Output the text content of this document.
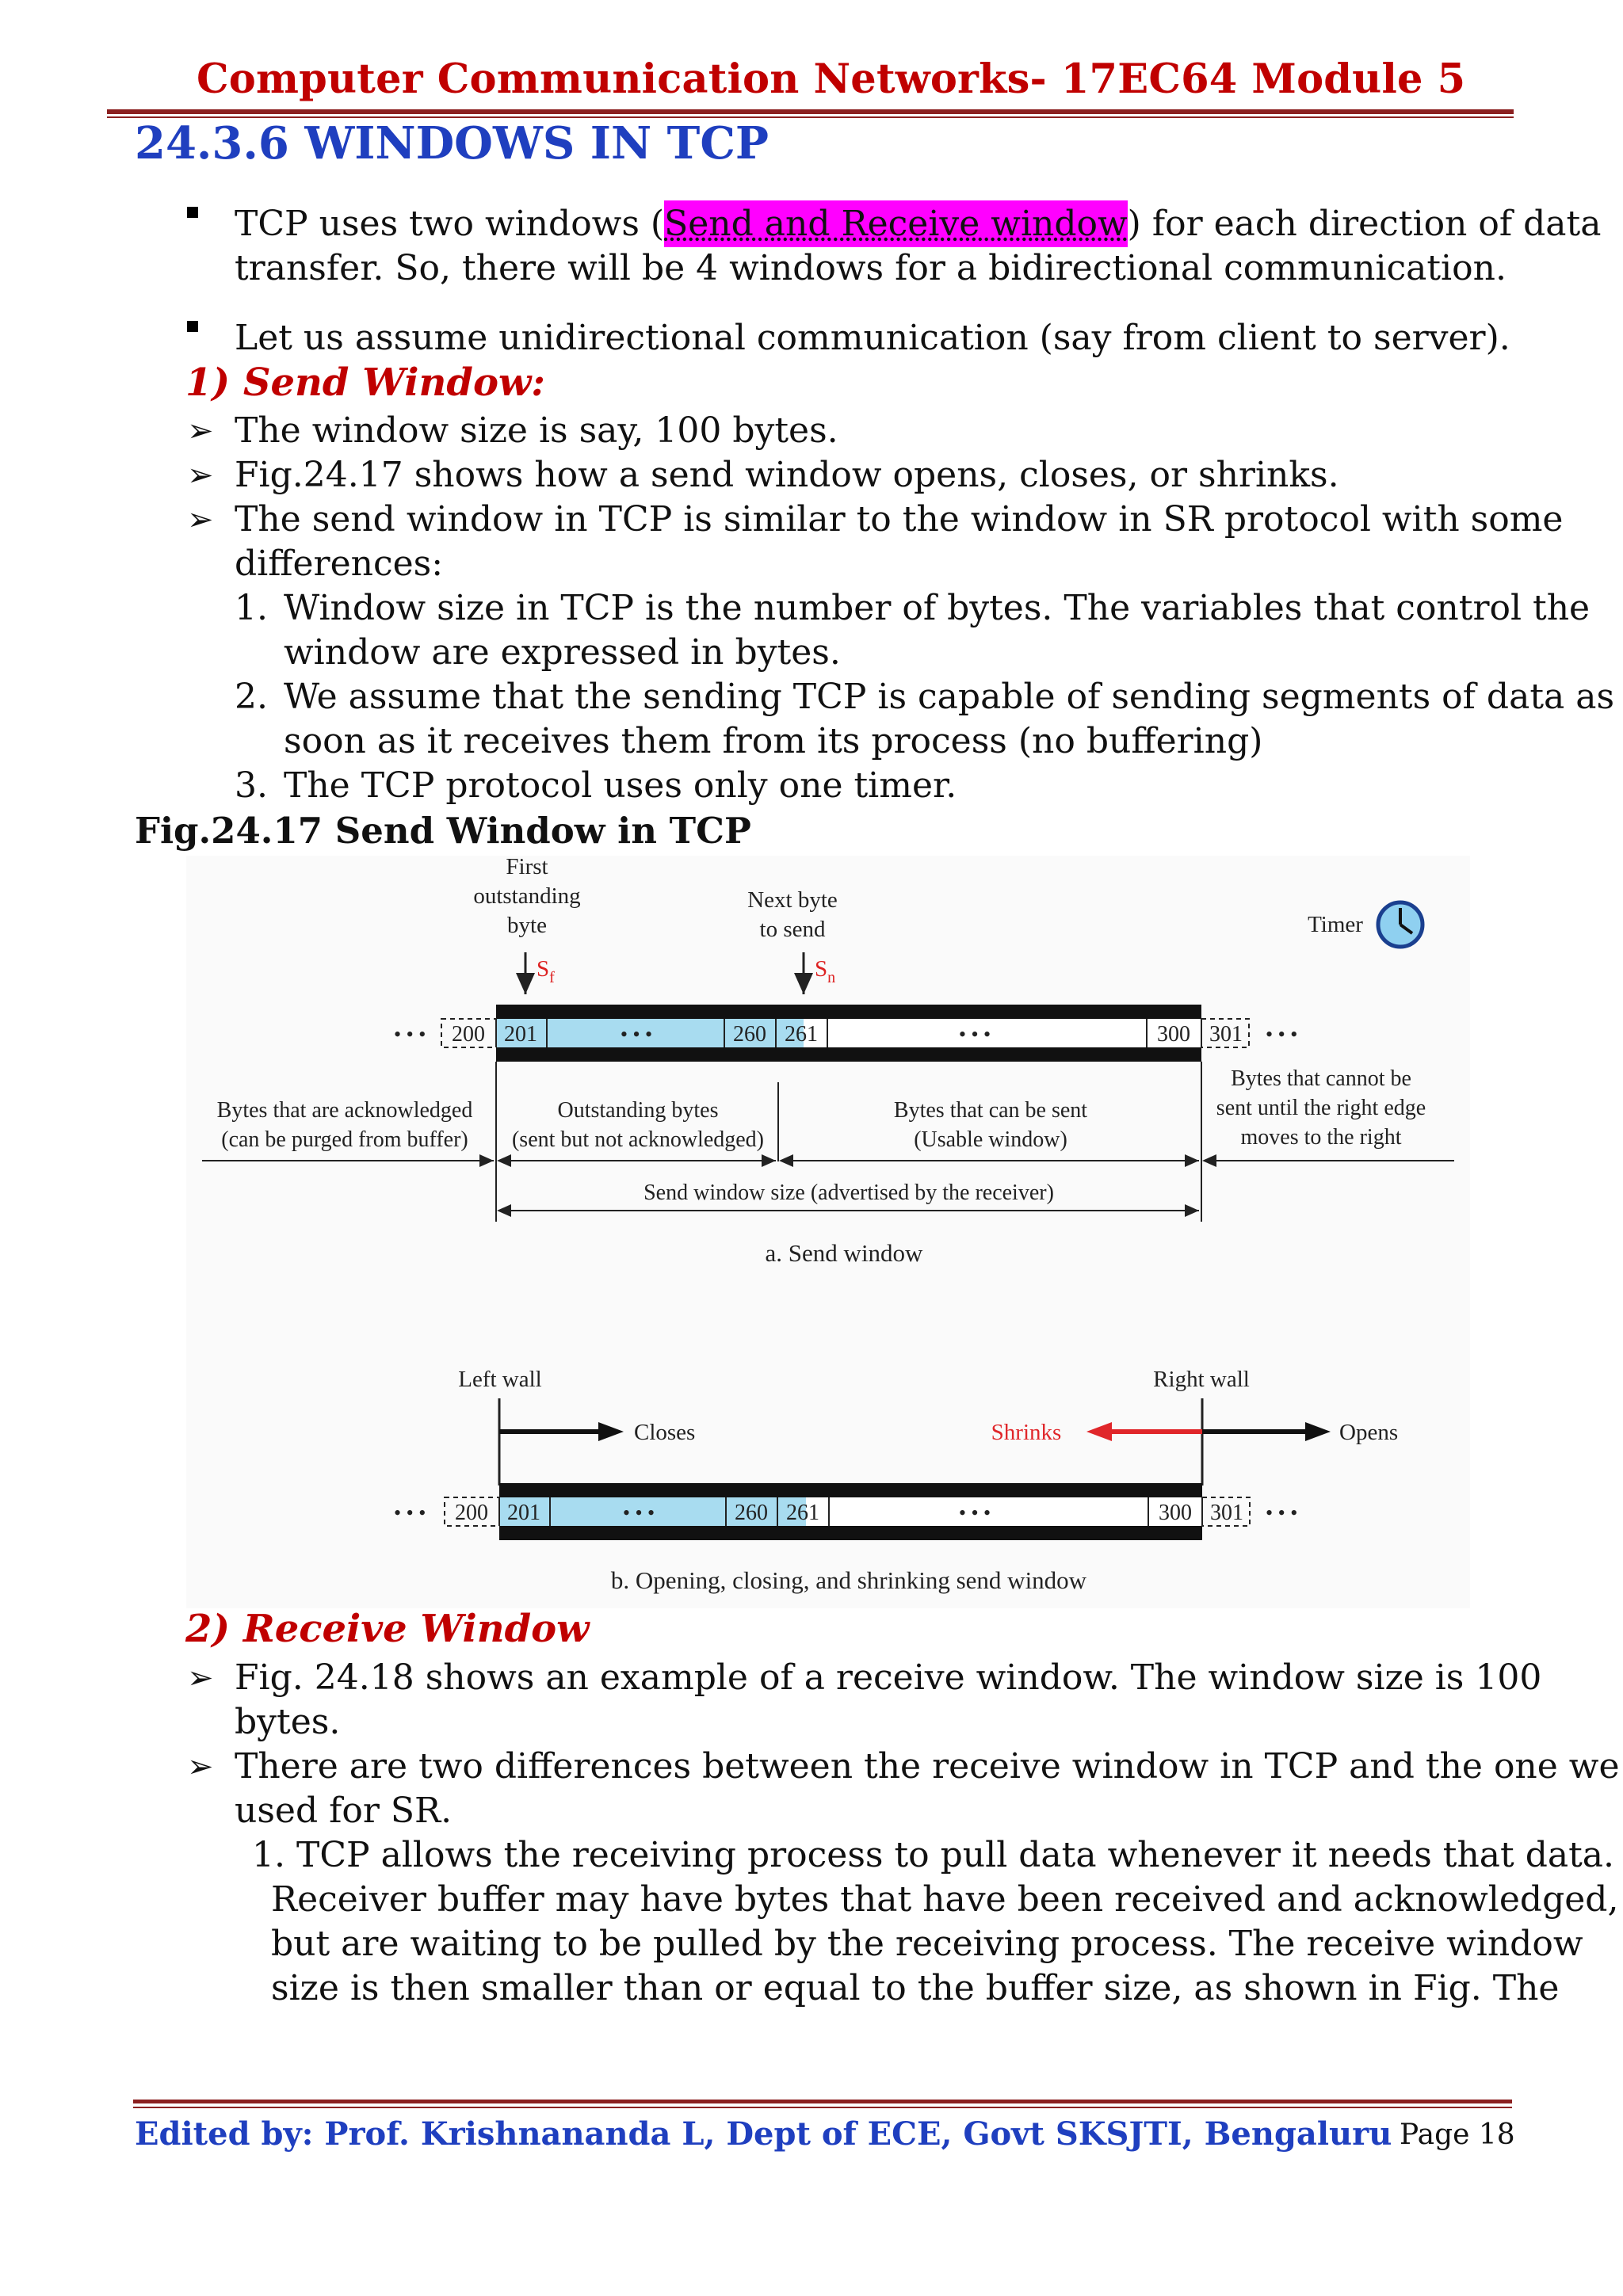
Computer Communication Networks- 17EC64 Module 5
24.3.6 WINDOWS IN TCP
TCP uses two windows (Send and Receive window) for each direction of data
transfer. So, there will be 4 windows for a bidirectional communication.
Let us assume unidirectional communication (say from client to server).
1) Send Window:
➢ The window size is say, 100 bytes.
➢ Fig.24.17 shows how a send window opens, closes, or shrinks.
➢ The send window in TCP is similar to the window in SR protocol with some
differences:
1. Window size in TCP is the number of bytes. The variables that control the
window are expressed in bytes.
2. We assume that the sending TCP is capable of sending segments of data as
soon as it receives them from its process (no buffering)
3. The TCP protocol uses only one timer.
Fig.24.17 Send Window in TCP
First
outstanding
byte
Next byte
to send	Timer
$S_f$	$S_n$
• • • 200 201	• • •	260 261	• • •	300 301 • • •
Bytes that are acknowledged
(can be purged from buffer)
Outstanding bytes
(sent but not acknowledged)
Bytes that can be sent
(Usable window)
Bytes that cannot be
sent until the right edge
moves to the right
Send window size (advertised by the receiver)
a. Send window
Left wall	Right wall
Closes	Shrinks	Opens
• • • 200 201	• • •	260 261	• • •	300 301 • • •
b. Opening, closing, and shrinking send window
2) Receive Window
➢ Fig. 24.18 shows an example of a receive window. The window size is 100
bytes.
➢ There are two differences between the receive window in TCP and the one we
used for SR.
1. TCP allows the receiving process to pull data whenever it needs that data.
Receiver buffer may have bytes that have been received and acknowledged,
but are waiting to be pulled by the receiving process. The receive window
size is then smaller than or equal to the buffer size, as shown in Fig. The
Edited by: Prof. Krishnananda L, Dept of ECE, Govt SKSJTI, Bengaluru Page 18
